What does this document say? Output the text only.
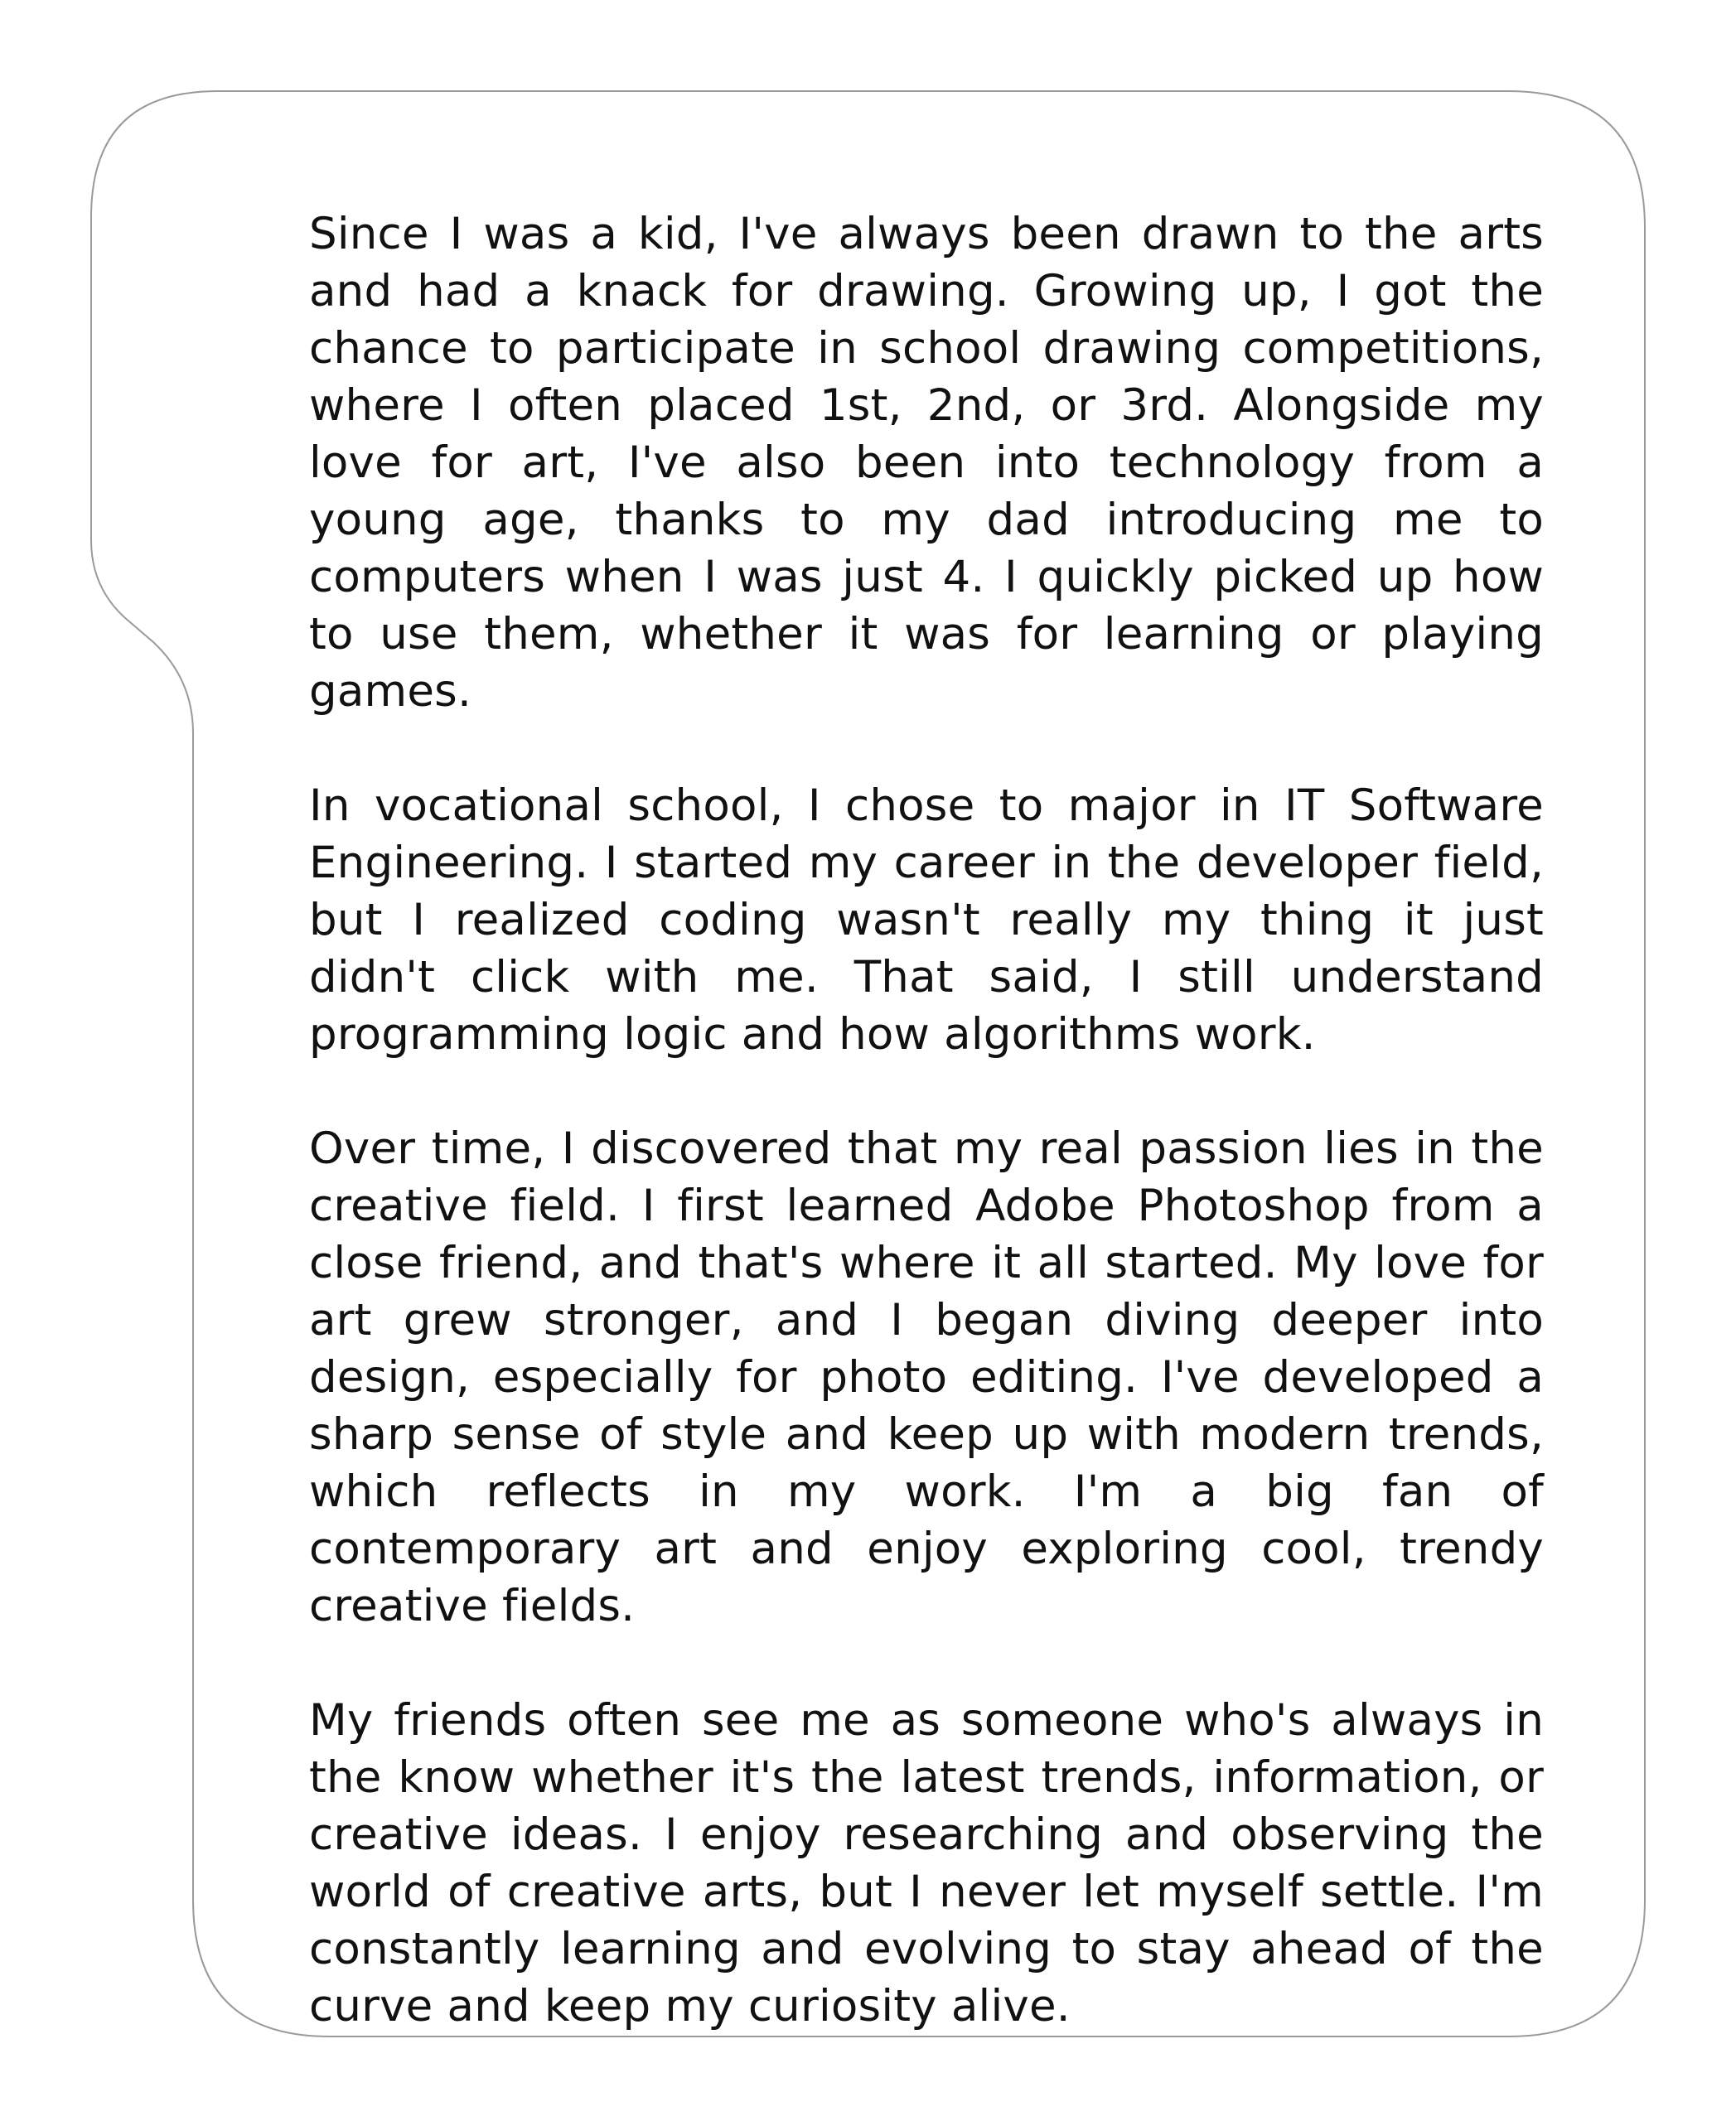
Since I was a kid, I've always been drawn to the arts and had a knack for drawing. Growing up, I got the chance to participate in school drawing competitions, where I often placed 1st, 2nd, or 3rd. Alongside my love for art, I've also been into technology from a young age, thanks to my dad introducing me to computers when I was just 4. I quickly picked up how to use them, whether it was for learning or playing games.

In vocational school, I chose to major in IT Software Engineering. I started my career in the developer field, but I realized coding wasn't really my thing it just didn't click with me. That said, I still understand programming logic and how algorithms work.

Over time, I discovered that my real passion lies in the creative field. I first learned Adobe Photoshop from a close friend, and that's where it all started. My love for art grew stronger, and I began diving deeper into design, especially for photo editing. I've developed a sharp sense of style and keep up with modern trends, which reflects in my work. I'm a big fan of contemporary art and enjoy exploring cool, trendy creative fields.

My friends often see me as someone who's always in the know whether it's the latest trends, information, or creative ideas. I enjoy researching and observing the world of creative arts, but I never let myself settle. I'm constantly learning and evolving to stay ahead of the curve and keep my curiosity alive.
